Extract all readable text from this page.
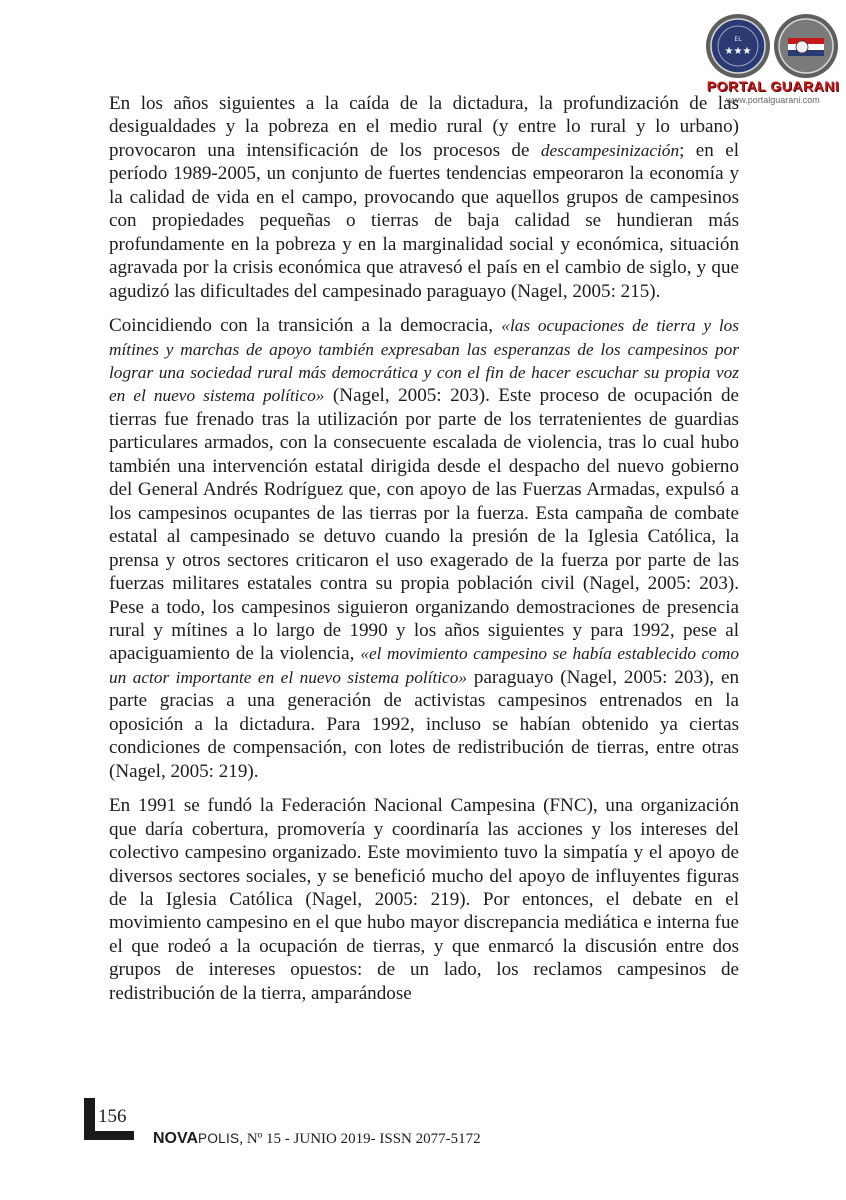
EL
★★★
PORTAL GUARANI
www.portalguarani.com

En los años siguientes a la caída de la dictadura, la profundización de las desigualdades y la pobreza en el medio rural (y entre lo rural y lo urbano) provocaron una intensificación de los procesos de descampesinización; en el período 1989-2005, un conjunto de fuertes tendencias empeoraron la economía y la calidad de vida en el campo, provocando que aquellos grupos de campesinos con propiedades pequeñas o tierras de baja calidad se hundieran más profundamente en la pobreza y en la marginalidad social y económica, situación agravada por la crisis económica que atravesó el país en el cambio de siglo, y que agudizó las dificultades del campesinado paraguayo (Nagel, 2005: 215).

Coincidiendo con la transición a la democracia, «las ocupaciones de tierra y los mítines y marchas de apoyo también expresaban las esperanzas de los campesinos por lograr una sociedad rural más democrática y con el fin de hacer escuchar su propia voz en el nuevo sistema político» (Nagel, 2005: 203). Este proceso de ocupación de tierras fue frenado tras la utilización por parte de los terratenientes de guardias particulares armados, con la consecuente escalada de violencia, tras lo cual hubo también una intervención estatal dirigida desde el despacho del nuevo gobierno del General Andrés Rodríguez que, con apoyo de las Fuerzas Armadas, expulsó a los campesinos ocupantes de las tierras por la fuerza. Esta campaña de combate estatal al campesinado se detuvo cuando la presión de la Iglesia Católica, la prensa y otros sectores criticaron el uso exagerado de la fuerza por parte de las fuerzas militares estatales contra su propia población civil (Nagel, 2005: 203). Pese a todo, los campesinos siguieron organizando demostraciones de presencia rural y mítines a lo largo de 1990 y los años siguientes y para 1992, pese al apaciguamiento de la violencia, «el movimiento campesino se había establecido como un actor importante en el nuevo sistema político» paraguayo (Nagel, 2005: 203), en parte gracias a una generación de activistas campesinos entrenados en la oposición a la dictadura. Para 1992, incluso se habían obtenido ya ciertas condiciones de compensación, con lotes de redistribución de tierras, entre otras (Nagel, 2005: 219).

En 1991 se fundó la Federación Nacional Campesina (FNC), una organización que daría cobertura, promovería y coordinaría las acciones y los intereses del colectivo campesino organizado. Este movimiento tuvo la simpatía y el apoyo de diversos sectores sociales, y se benefició mucho del apoyo de influyentes figuras de la Iglesia Católica (Nagel, 2005: 219). Por entonces, el debate en el movimiento campesino en el que hubo mayor discrepancia mediática e interna fue el que rodeó a la ocupación de tierras, y que enmarcó la discusión entre dos grupos de intereses opuestos: de un lado, los reclamos campesinos de redistribución de la tierra, amparándose

156
NOVAPOLIS, Nº 15 - JUNIO 2019- ISSN 2077-5172
